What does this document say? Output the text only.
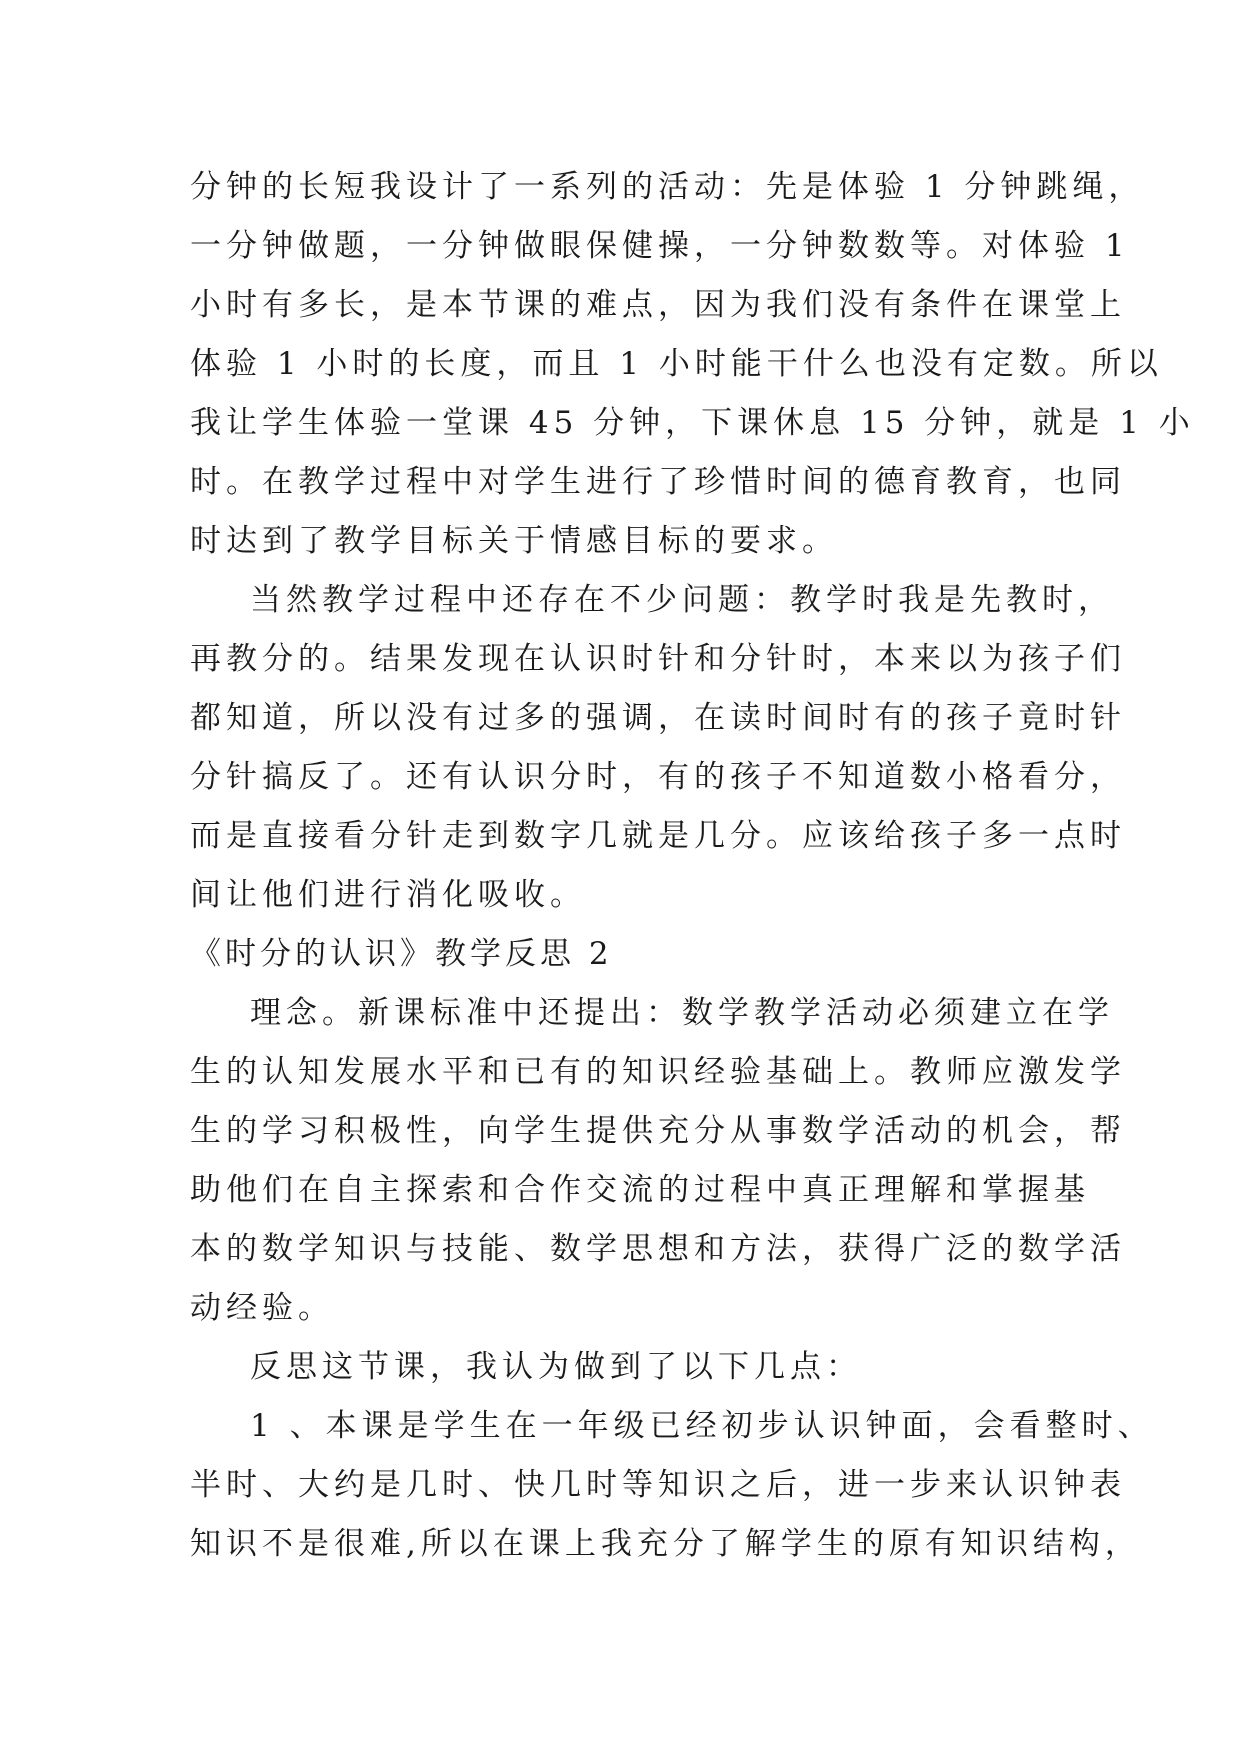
分钟的长短我设计了一系列的活动：先是体验 1 分钟跳绳，
一分钟做题，一分钟做眼保健操，一分钟数数等。对体验 1
小时有多长，是本节课的难点，因为我们没有条件在课堂上
体验 1 小时的长度，而且 1 小时能干什么也没有定数。所以
我让学生体验一堂课 45 分钟，下课休息 15 分钟，就是 1 小
时。在教学过程中对学生进行了珍惜时间的德育教育，也同
时达到了教学目标关于情感目标的要求。
当然教学过程中还存在不少问题：教学时我是先教时，
再教分的。结果发现在认识时针和分针时，本来以为孩子们
都知道，所以没有过多的强调，在读时间时有的孩子竟时针
分针搞反了。还有认识分时，有的孩子不知道数小格看分，
而是直接看分针走到数字几就是几分。应该给孩子多一点时
间让他们进行消化吸收。
《时分的认识》教学反思 2
理念。新课标准中还提出：数学教学活动必须建立在学
生的认知发展水平和已有的知识经验基础上。教师应激发学
生的学习积极性，向学生提供充分从事数学活动的机会，帮
助他们在自主探索和合作交流的过程中真正理解和掌握基
本的数学知识与技能、数学思想和方法，获得广泛的数学活
动经验。
反思这节课，我认为做到了以下几点：
1 、本课是学生在一年级已经初步认识钟面，会看整时、
半时、大约是几时、快几时等知识之后，进一步来认识钟表
知识不是很难,所以在课上我充分了解学生的原有知识结构，
